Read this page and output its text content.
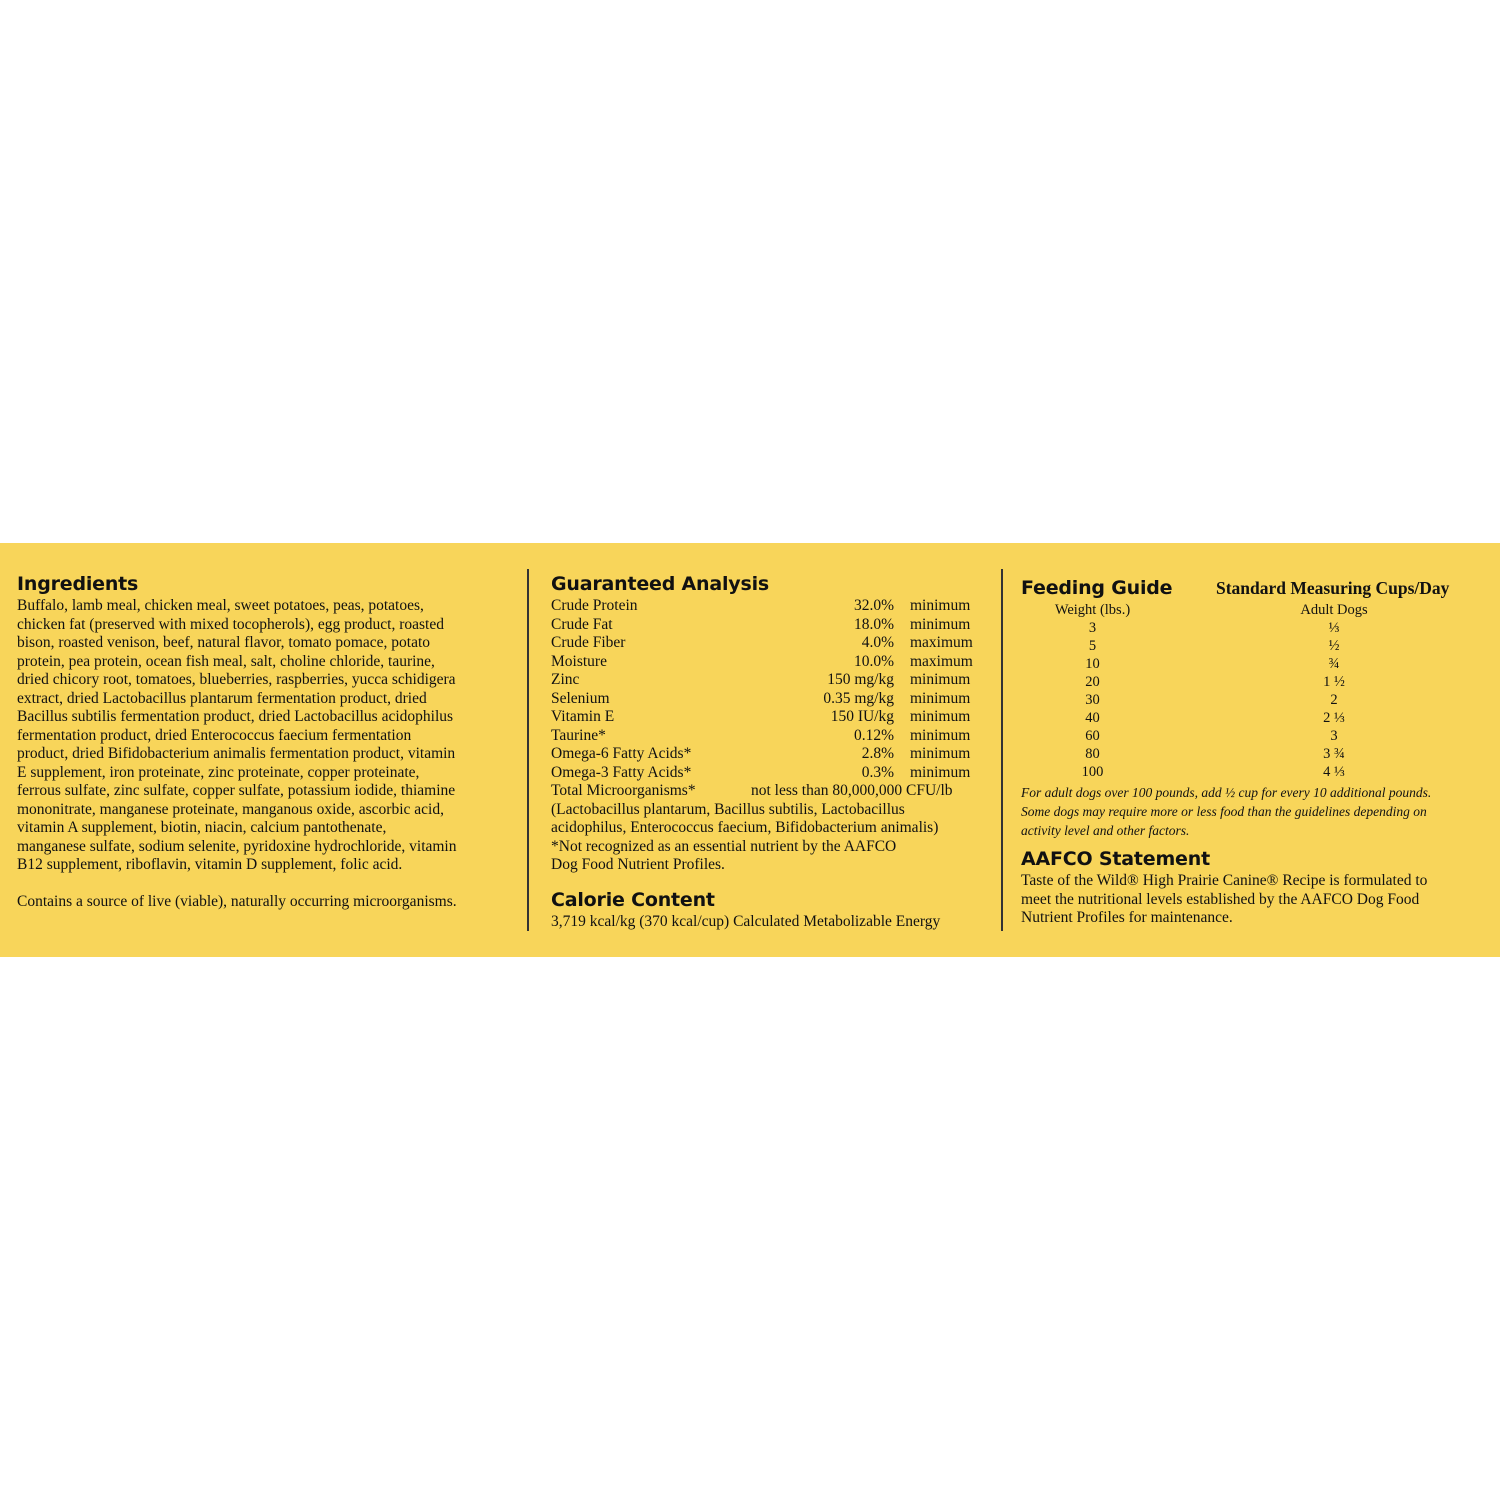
Ingredients
Buffalo, lamb meal, chicken meal, sweet potatoes, peas, potatoes,
chicken fat (preserved with mixed tocopherols), egg product, roasted
bison, roasted venison, beef, natural flavor, tomato pomace, potato
protein, pea protein, ocean fish meal, salt, choline chloride, taurine,
dried chicory root, tomatoes, blueberries, raspberries, yucca schidigera
extract, dried Lactobacillus plantarum fermentation product, dried
Bacillus subtilis fermentation product, dried Lactobacillus acidophilus
fermentation product, dried Enterococcus faecium fermentation
product, dried Bifidobacterium animalis fermentation product, vitamin
E supplement, iron proteinate, zinc proteinate, copper proteinate,
ferrous sulfate, zinc sulfate, copper sulfate, potassium iodide, thiamine
mononitrate, manganese proteinate, manganous oxide, ascorbic acid,
vitamin A supplement, biotin, niacin, calcium pantothenate,
manganese sulfate, sodium selenite, pyridoxine hydrochloride, vitamin
B12 supplement, riboflavin, vitamin D supplement, folic acid.

Contains a source of live (viable), naturally occurring microorganisms.

Guaranteed Analysis
Crude Protein	32.0% minimum
Crude Fat	18.0% minimum
Crude Fiber	4.0% maximum
Moisture	10.0% maximum
Zinc	150 mg/kg minimum
Selenium	0.35 mg/kg minimum
Vitamin E	150 IU/kg minimum
Taurine*	0.12% minimum
Omega-6 Fatty Acids*	2.8% minimum
Omega-3 Fatty Acids*	0.3% minimum
Total Microorganisms*	not less than 80,000,000 CFU/lb
(Lactobacillus plantarum, Bacillus subtilis, Lactobacillus
acidophilus, Enterococcus faecium, Bifidobacterium animalis)
*Not recognized as an essential nutrient by the AAFCO
Dog Food Nutrient Profiles.
Calorie Content

3,719 kcal/kg (370 kcal/cup) Calculated Metabolizable Energy

Feeding Guide	Standard Measuring Cups/Day
Weight (lbs.)	Adult Dogs
3	⅓
5	½
10	¾
20	1 ½
30	2
40	2 ⅓
60	3
80	3 ¾
100	4 ⅓
For adult dogs over 100 pounds, add ½ cup for every 10 additional pounds.
Some dogs may require more or less food than the guidelines depending on
activity level and other factors.
AAFCO Statement
Taste of the Wild® High Prairie Canine® Recipe is formulated to
meet the nutritional levels established by the AAFCO Dog Food
Nutrient Profiles for maintenance.
